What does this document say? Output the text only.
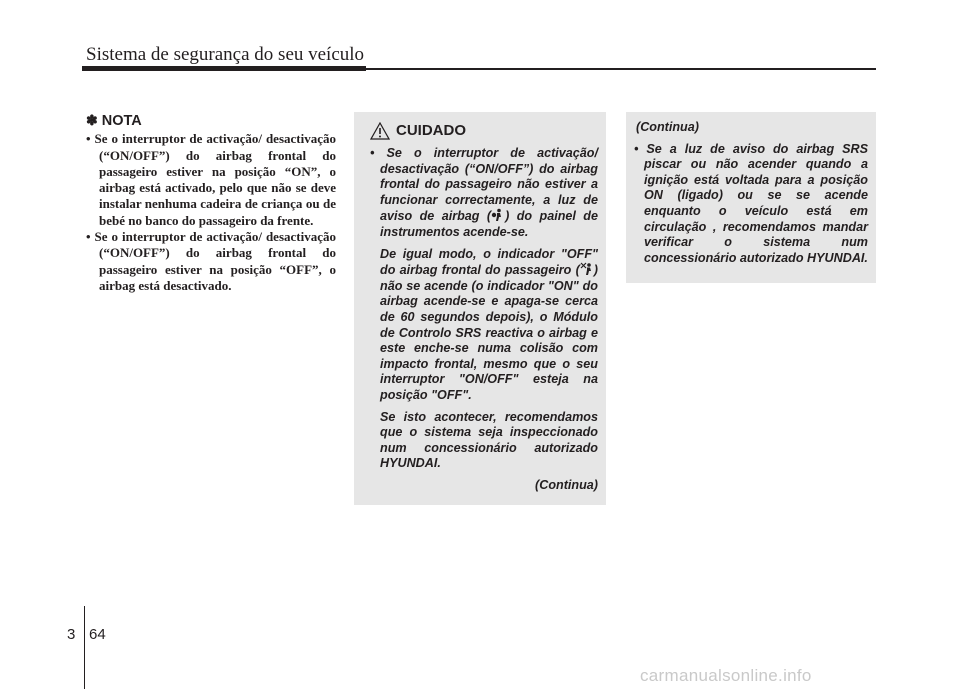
Sistema de segurança do seu veículo
✽ NOTA

• Se o interruptor de activação/ desactivação (“ON/OFF”) do airbag frontal do passageiro estiver na posição “ON”, o airbag está activado, pelo que não se deve instalar nenhuma cadeira de criança ou de bebé no banco do passageiro da frente.

• Se o interruptor de activação/ desactivação (“ON/OFF”) do airbag frontal do passageiro estiver na posição “OFF”, o airbag está desactivado.

CUIDADO

• Se o interruptor de activação/ desactivação (“ON/OFF”) do airbag frontal do passageiro não estiver a funcionar correctamente, a luz de aviso de airbag ( ) do painel de instrumentos acende-se.

De igual modo, o indicador "OFF" do airbag frontal do passageiro ( ) não se acende (o indicador "ON" do airbag acende-se e apaga-se cerca de 60 segundos depois), o Módulo de Controlo SRS reactiva o airbag e este enche-se numa colisão com impacto frontal, mesmo que o seu interruptor "ON/OFF" esteja na posição "OFF".

Se isto acontecer, recomendamos que o sistema seja inspeccionado num concessionário autorizado HYUNDAI.

(Continua)

(Continua)

• Se a luz de aviso do airbag SRS piscar ou não acender quando a ignição está voltada para a posição ON (ligado) ou se se acende enquanto o veículo está em circulação , recomendamos mandar verificar o sistema num concessionário autorizado HYUNDAI.

3 64
carmanualsonline.info
